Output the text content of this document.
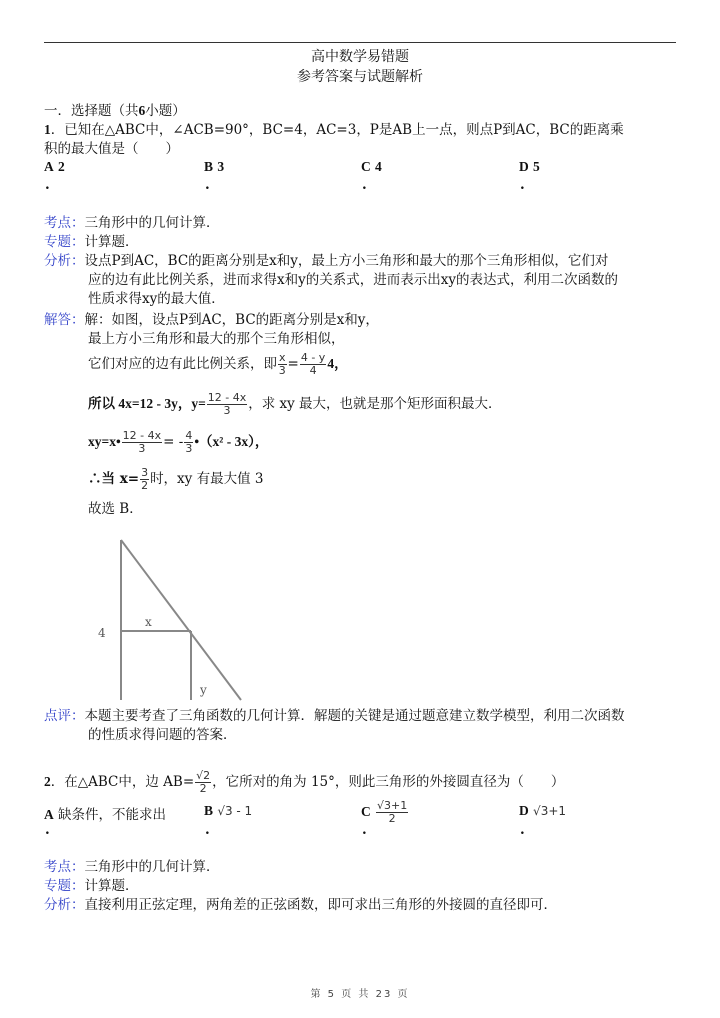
高中数学易错题
参考答案与试题解析
一．选择题（共6小题）
1．已知在△ABC中，∠ACB=90°，BC=4，AC=3，P是AB上一点，则点P到AC，BC的距离乘
积的最大值是（　　）
A 2	B 3	C 4	D 5
.	.	.	.
考点：三角形中的几何计算．
专题：计算题．
分析：设点P到AC，BC的距离分别是x和y，最上方小三角形和最大的那个三角形相似，它们对
应的边有此比例关系，进而求得x和y的关系式，进而表示出xy的表达式，利用二次函数的
性质求得xy的最大值．
解答：解：如图，设点P到AC，BC的距离分别是x和y，
最上方小三角形和最大的那个三角形相似，
它们对应的边有此比例关系，即 $\frac{x}{3} = \frac{4 - y}{4} 4$，
所以 4x=12 - 3y，$y= \frac{12 - 4x}{3}$ ，求 xy 最大，也就是那个矩形面积最大．
xy=x• $\frac{12 - 4x}{3}$ = - $\frac{4}{3}$ •（x² - 3x），
∴当 $x= \frac{3}{2}$ 时，xy 有最大值 3
故选 B．
4
x
y
点评：本题主要考查了三角函数的几何计算．解题的关键是通过题意建立数学模型，利用二次函数
的性质求得问题的答案．
2．在△ABC中，边 $AB= \frac{√2}{2}$ ，它所对的角为 15°，则此三角形的外接圆直径为（　　）
A 缺条件，不能求出	B √3 - 1	C $\frac{√3+1}{2}$	D √3+1
.	.	.	.
考点：三角形中的几何计算．
专题：计算题．
分析：直接利用正弦定理，两角差的正弦函数，即可求出三角形的外接圆的直径即可．
第 5 页 共 23 页
